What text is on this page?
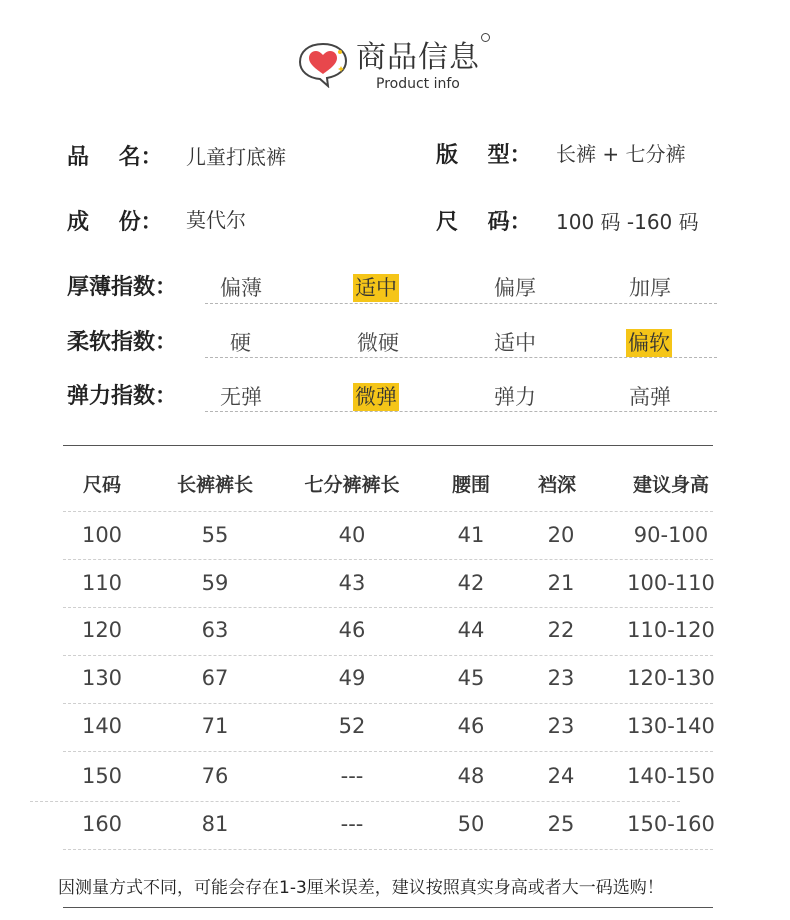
商品信息
Product info
品　 名： 儿童打底裤	版　 型： 长裤 + 七分裤
成　 份： 莫代尔	尺　 码： 100 码 -160 码
厚薄指数： 偏薄	适中	偏厚	加厚
柔软指数：	硬	微硬	适中	偏软
弹力指数： 无弹	微弹	弹力	高弹
尺码	长裤裤长	七分裤裤长	腰围	裆深	建议身高
100	55	40	41	20	90-100
110	59	43	42	21	100-110
120	63	46	44	22	110-120
130	67	49	45	23	120-130
140	71	52	46	23	130-140
150	76	---	48	24	140-150
160	81	---	50	25	150-160
因测量方式不同，可能会存在1-3厘米误差，建议按照真实身高或者大一码选购！
